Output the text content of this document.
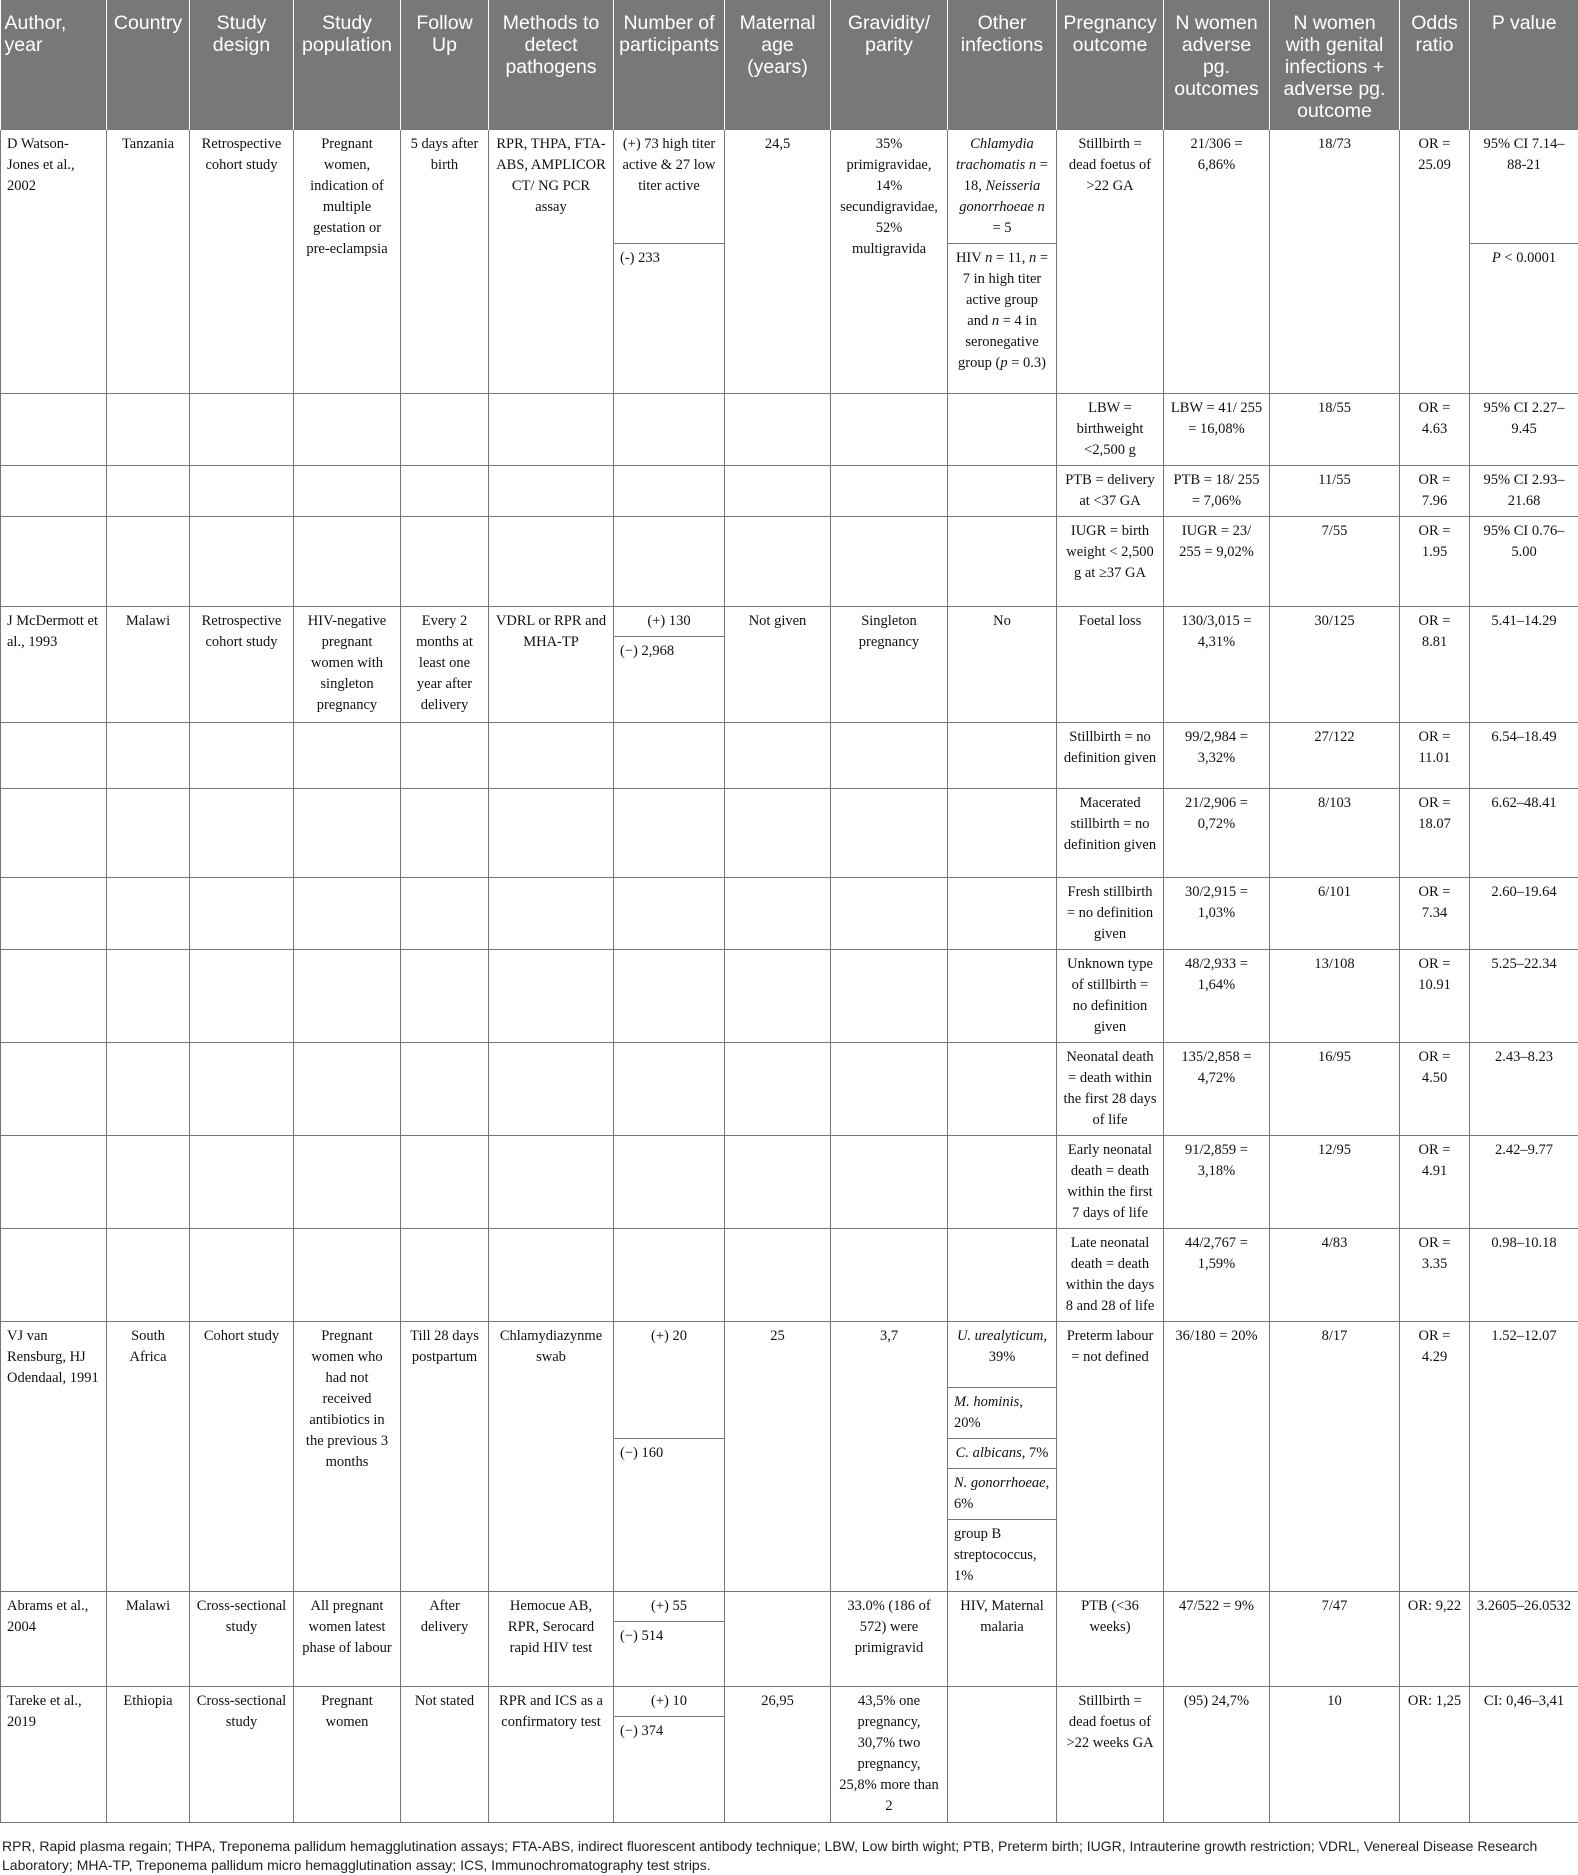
Author, year	Country	Study design	Study population	Follow Up	Methods to detect pathogens	Number of participants	Maternal age (years)	Gravidity/ parity	Other infections	Pregnancy outcome	N women adverse pg. outcomes	N women with genital infections + adverse pg. outcome	Odds ratio	P value
D Watson-Jones et al., 2002	Tanzania	Retrospective cohort study	Pregnant women, indication of multiple gestation or pre-eclampsia	5 days after birth	RPR, THPA, FTA-ABS, AMPLICOR CT/ NG PCR assay	(+) 73 high titer active & 27 low titer active	24,5	35% primigravidae, 14% secundigravidae, 52% multigravida	Chlamydia trachomatis n = 18, Neisseria gonorrhoeae n = 5	Stillbirth = dead foetus of >22 GA	21/306 = 6,86%	18/73	OR = 25.09	95% CI 7.14–88-21
						(-) 233			HIV n = 11, n = 7 in high titer active group and n = 4 in seronegative group (p = 0.3)					P < 0.0001
										LBW = birthweight <2,500 g	LBW = 41/ 255 = 16,08%	18/55	OR = 4.63	95% CI 2.27–9.45
										PTB = delivery at <37 GA	PTB = 18/ 255 = 7,06%	11/55	OR = 7.96	95% CI 2.93–21.68
										IUGR = birth weight < 2,500 g at ≥37 GA	IUGR = 23/ 255 = 9,02%	7/55	OR = 1.95	95% CI 0.76–5.00
J McDermott et al., 1993	Malawi	Retrospective cohort study	HIV-negative pregnant women with singleton pregnancy	Every 2 months at least one year after delivery	VDRL or RPR and MHA-TP	(+) 130	Not given	Singleton pregnancy	No	Foetal loss	130/3,015 = 4,31%	30/125	OR = 8.81	5.41–14.29
						(−) 2,968								
										Stillbirth = no definition given	99/2,984 = 3,32%	27/122	OR = 11.01	6.54–18.49
										Macerated stillbirth = no definition given	21/2,906 = 0,72%	8/103	OR = 18.07	6.62–48.41
										Fresh stillbirth = no definition given	30/2,915 = 1,03%	6/101	OR = 7.34	2.60–19.64
										Unknown type of stillbirth = no definition given	48/2,933 = 1,64%	13/108	OR = 10.91	5.25–22.34
										Neonatal death = death within the first 28 days of life	135/2,858 = 4,72%	16/95	OR = 4.50	2.43–8.23
										Early neonatal death = death within the first 7 days of life	91/2,859 = 3,18%	12/95	OR = 4.91	2.42–9.77
										Late neonatal death = death within the days 8 and 28 of life	44/2,767 = 1,59%	4/83	OR = 3.35	0.98–10.18
VJ van Rensburg, HJ Odendaal, 1991	South Africa	Cohort study	Pregnant women who had not received antibiotics in the previous 3 months	Till 28 days postpartum	Chlamydiazynme swab	(+) 20	25	3,7	U. urealyticum, 39%	Preterm labour = not defined	36/180 = 20%	8/17	OR = 4.29	1.52–12.07
									M. hominis, 20%					
						(−) 160			C. albicans, 7%					
									N. gonorrhoeae, 6%					
									group B streptococcus, 1%					
Abrams et al., 2004	Malawi	Cross-sectional study	All pregnant women latest phase of labour	After delivery	Hemocue AB, RPR, Serocard rapid HIV test	(+) 55		33.0% (186 of 572) were primigravid	HIV, Maternal malaria	PTB (<36 weeks)	47/522 = 9%	7/47	OR: 9,22	3.2605–26.0532
						(−) 514								
Tareke et al., 2019	Ethiopia	Cross-sectional study	Pregnant women	Not stated	RPR and ICS as a confirmatory test	(+) 10	26,95	43,5% one pregnancy, 30,7% two pregnancy, 25,8% more than 2		Stillbirth = dead foetus of >22 weeks GA	(95) 24,7%	10	OR: 1,25	CI: 0,46–3,41
						(−) 374								
RPR, Rapid plasma regain; THPA, Treponema pallidum hemagglutination assays; FTA-ABS, indirect fluorescent antibody technique; LBW, Low birth wight; PTB, Preterm birth; IUGR, Intrauterine growth restriction; VDRL, Venereal Disease Research Laboratory; MHA-TP, Treponema pallidum micro hemagglutination assay; ICS, Immunochromatography test strips.
